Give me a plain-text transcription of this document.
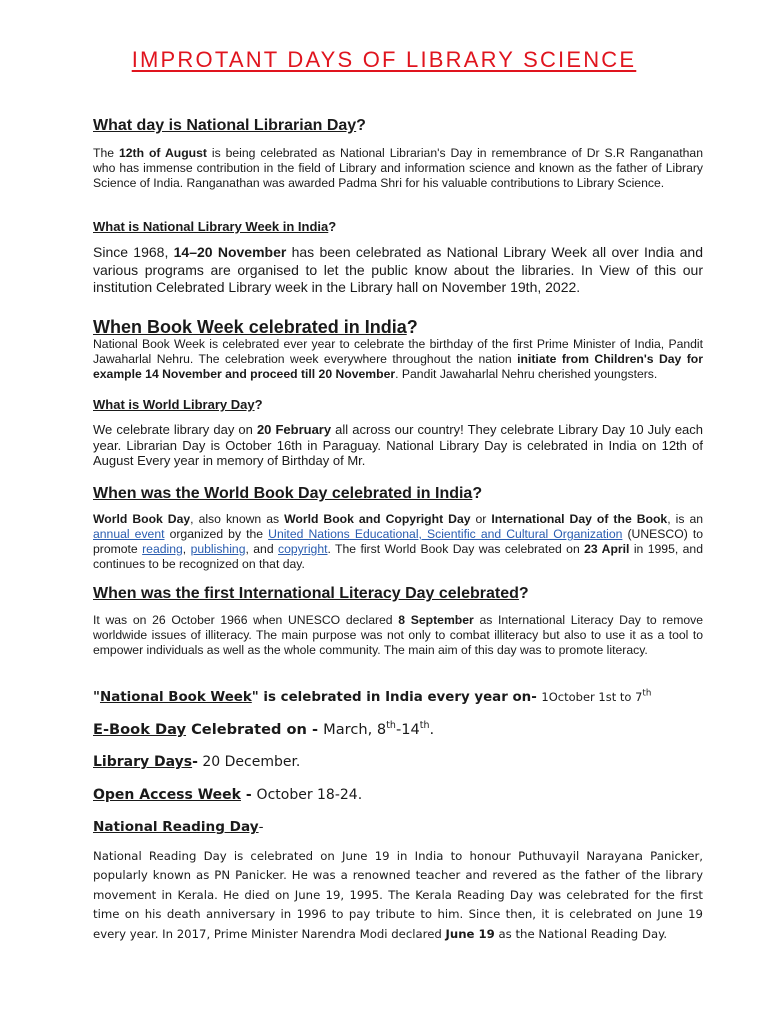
IMPROTANT DAYS OF LIBRARY SCIENCE
What day is National Librarian Day?
The 12th of August is being celebrated as National Librarian's Day in remembrance of Dr S.R Ranganathan who has immense contribution in the field of Library and information science and known as the father of Library Science of India. Ranganathan was awarded Padma Shri for his valuable contributions to Library Science.
What is National Library Week in India?
Since 1968, 14–20 November has been celebrated as National Library Week all over India and various programs are organised to let the public know about the libraries. In View of this our institution Celebrated Library week in the Library hall on November 19th, 2022.
When Book Week celebrated in India?
National Book Week is celebrated ever year to celebrate the birthday of the first Prime Minister of India, Pandit Jawaharlal Nehru. The celebration week everywhere throughout the nation initiate from Children's Day for example 14 November and proceed till 20 November. Pandit Jawaharlal Nehru cherished youngsters.
What is World Library Day?
We celebrate library day on 20 February all across our country! They celebrate Library Day 10 July each year. Librarian Day is October 16th in Paraguay. National Library Day is celebrated in India on 12th of August Every year in memory of Birthday of Mr.
When was the World Book Day celebrated in India?
World Book Day, also known as World Book and Copyright Day or International Day of the Book, is an annual event organized by the United Nations Educational, Scientific and Cultural Organization (UNESCO) to promote reading, publishing, and copyright. The first World Book Day was celebrated on 23 April in 1995, and continues to be recognized on that day.
When was the first International Literacy Day celebrated?
It was on 26 October 1966 when UNESCO declared 8 September as International Literacy Day to remove worldwide issues of illiteracy. The main purpose was not only to combat illiteracy but also to use it as a tool to empower individuals as well as the whole community. The main aim of this day was to promote literacy.
"National Book Week" is celebrated in India every year on- 1October 1st to 7th
E-Book Day Celebrated on - March, 8th-14th.
Library Days- 20 December.
Open Access Week - October 18-24.
National Reading Day-
National Reading Day is celebrated on June 19 in India to honour Puthuvayil Narayana Panicker, popularly known as PN Panicker. He was a renowned teacher and revered as the father of the library movement in Kerala. He died on June 19, 1995. The Kerala Reading Day was celebrated for the first time on his death anniversary in 1996 to pay tribute to him. Since then, it is celebrated on June 19 every year. In 2017, Prime Minister Narendra Modi declared June 19 as the National Reading Day.
